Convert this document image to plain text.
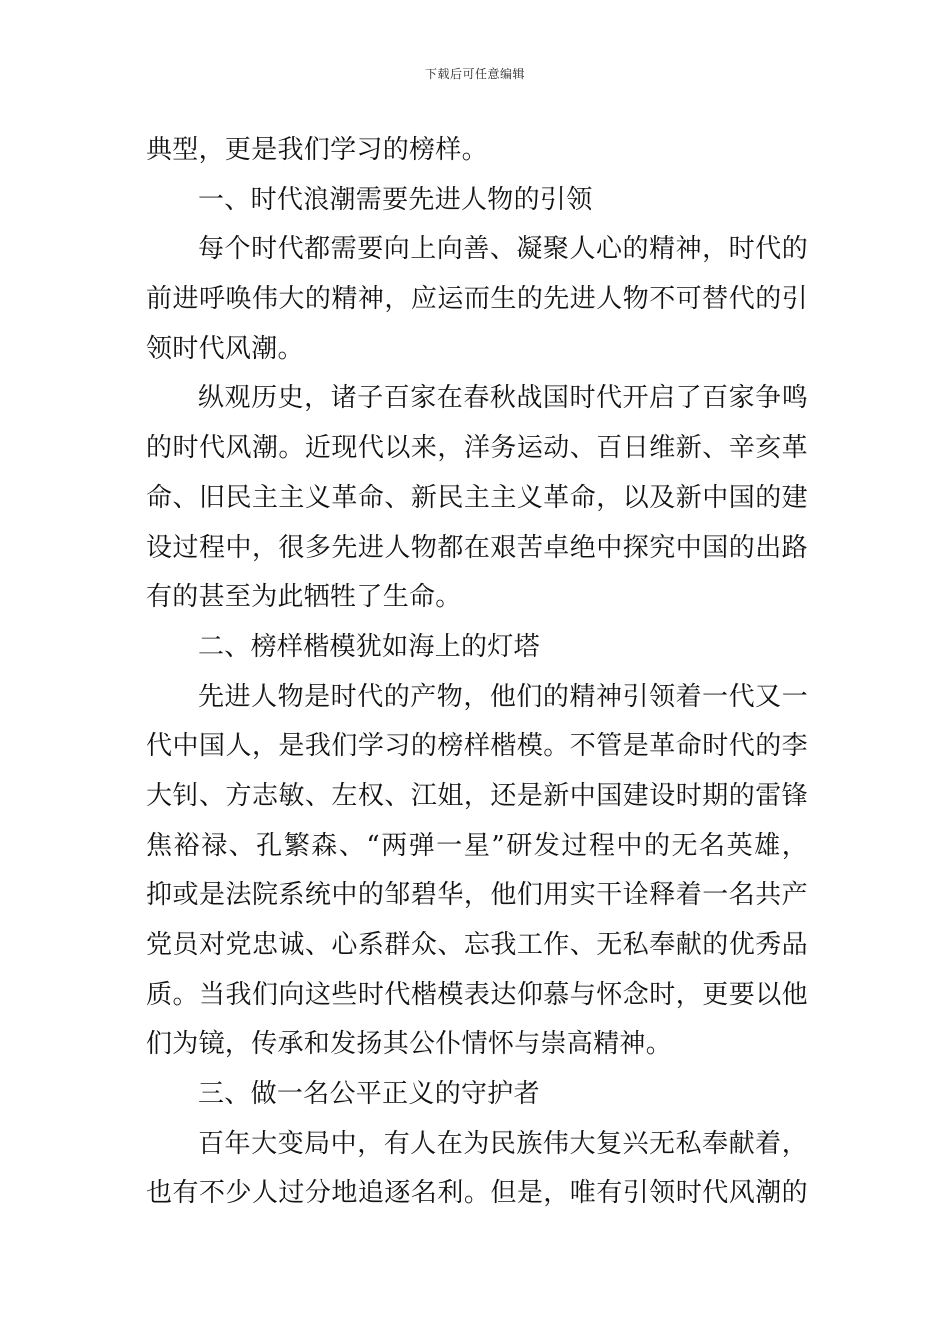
下载后可任意编辑
典型，更是我们学习的榜样。
一、时代浪潮需要先进人物的引领
每个时代都需要向上向善、凝聚人心的精神，时代的
前进呼唤伟大的精神，应运而生的先进人物不可替代的引
领时代风潮。
纵观历史，诸子百家在春秋战国时代开启了百家争鸣
的时代风潮。近现代以来，洋务运动、百日维新、辛亥革
命、旧民主主义革命、新民主主义革命，以及新中国的建
设过程中，很多先进人物都在艰苦卓绝中探究中国的出路
有的甚至为此牺牲了生命。
二、榜样楷模犹如海上的灯塔
先进人物是时代的产物，他们的精神引领着一代又一
代中国人，是我们学习的榜样楷模。不管是革命时代的李
大钊、方志敏、左权、江姐，还是新中国建设时期的雷锋
焦裕禄、孔繁森、“两弹一星”研发过程中的无名英雄，
抑或是法院系统中的邹碧华，他们用实干诠释着一名共产
党员对党忠诚、心系群众、忘我工作、无私奉献的优秀品
质。当我们向这些时代楷模表达仰慕与怀念时，更要以他
们为镜，传承和发扬其公仆情怀与崇高精神。
三、做一名公平正义的守护者
百年大变局中，有人在为民族伟大复兴无私奉献着，
也有不少人过分地追逐名利。但是，唯有引领时代风潮的
